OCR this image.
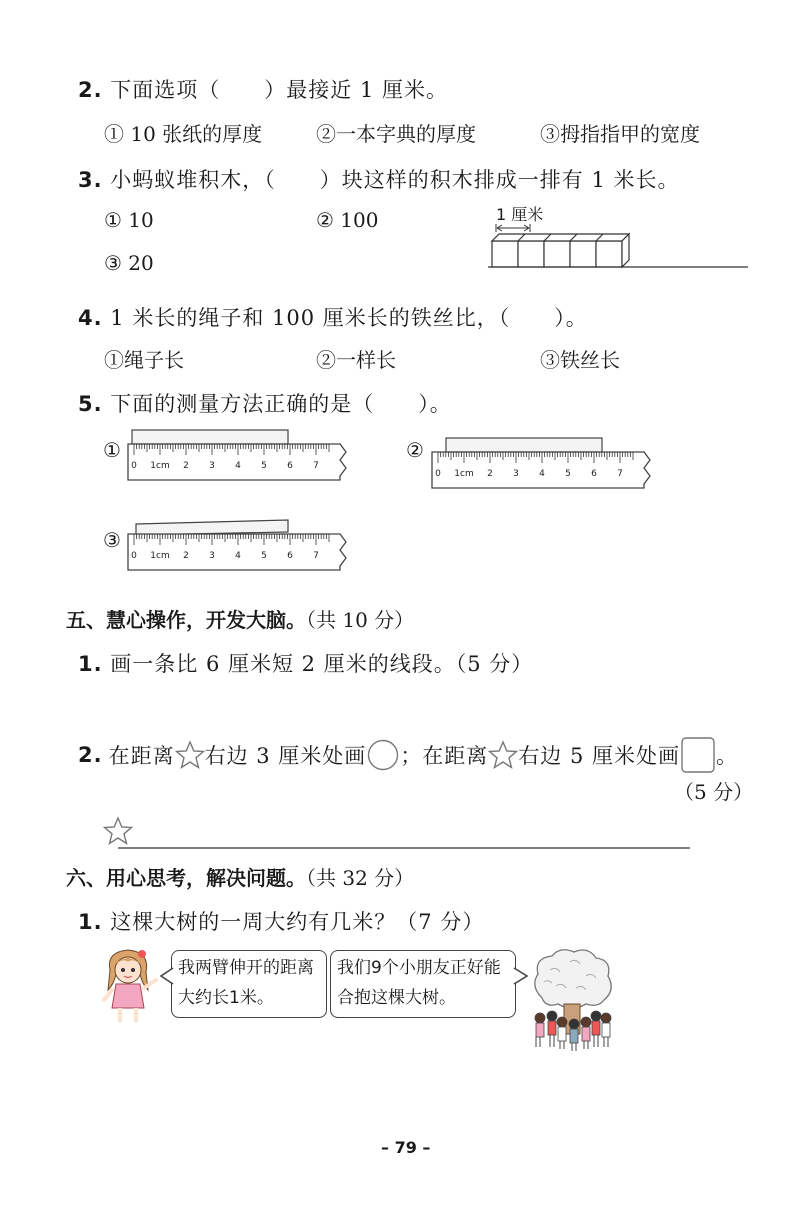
2. 下面选项（　　）最接近 1 厘米。
① 10 张纸的厚度	②一本字典的厚度	③拇指指甲的宽度
3. 小蚂蚁堆积木，（　　）块这样的积木排成一排有 1 米长。
① 10	② 100
③ 20
1 厘米
4. 1 米长的绳子和 100 厘米长的铁丝比，（　　）。
①绳子长	②一样长	③铁丝长
5. 下面的测量方法正确的是（　　）。
①	②
③
0 1cm 2 3 4 5 6 7
0 1cm 2 3 4 5 6 7
0 1cm 2 3 4 5 6 7
五、慧心操作，开发大脑。（共 10 分）
1. 画一条比 6 厘米短 2 厘米的线段。（5 分）
2. 在距离 右边 3 厘米处画 ；在距离 右边 5 厘米处画 。
（5 分）
六、用心思考，解决问题。（共 32 分）
1. 这棵大树的一周大约有几米？（7 分）
我两臂伸开的距离大约长1米。
我们9个小朋友正好能合抱这棵大树。
– 79 –
